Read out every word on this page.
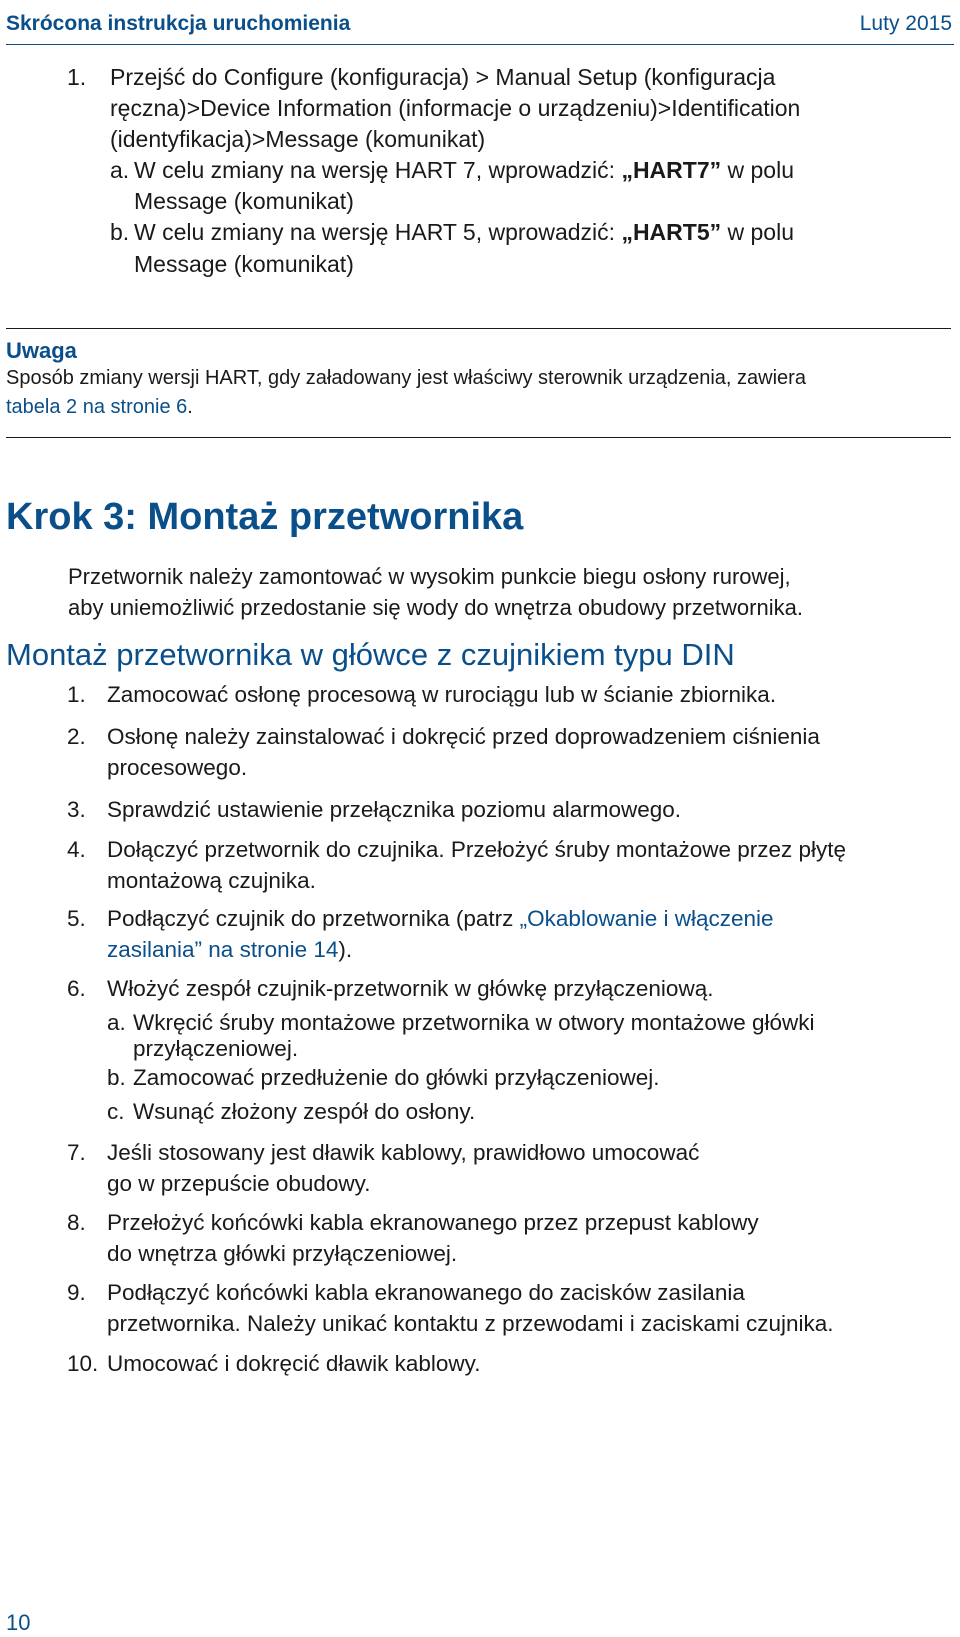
Skrócona instrukcja uruchomienia	Luty 2015
1. Przejść do Configure (konfiguracja) > Manual Setup (konfiguracja
ręczna)>Device Information (informacje o urządzeniu)>Identification
(identyfikacja)>Message (komunikat)
a. W celu zmiany na wersję HART 7, wprowadzić: „HART7” w polu
Message (komunikat)
b. W celu zmiany na wersję HART 5, wprowadzić: „HART5” w polu
Message (komunikat)
Uwaga
Sposób zmiany wersji HART, gdy załadowany jest właściwy sterownik urządzenia, zawiera
tabela 2 na stronie 6.
Krok 3: Montaż przetwornika
Przetwornik należy zamontować w wysokim punkcie biegu osłony rurowej,
aby uniemożliwić przedostanie się wody do wnętrza obudowy przetwornika.
Montaż przetwornika w główce z czujnikiem typu DIN
1. Zamocować osłonę procesową w rurociągu lub w ścianie zbiornika.
2. Osłonę należy zainstalować i dokręcić przed doprowadzeniem ciśnienia
procesowego.
3. Sprawdzić ustawienie przełącznika poziomu alarmowego.
4. Dołączyć przetwornik do czujnika. Przełożyć śruby montażowe przez płytę
montażową czujnika.
5. Podłączyć czujnik do przetwornika (patrz „Okablowanie i włączenie
zasilania” na stronie 14).
6. Włożyć zespół czujnik-przetwornik w główkę przyłączeniową.
a. Wkręcić śruby montażowe przetwornika w otwory montażowe główki
przyłączeniowej.
b. Zamocować przedłużenie do główki przyłączeniowej.
c. Wsunąć złożony zespół do osłony.
7. Jeśli stosowany jest dławik kablowy, prawidłowo umocować
go w przepuście obudowy.
8. Przełożyć końcówki kabla ekranowanego przez przepust kablowy
do wnętrza główki przyłączeniowej.
9. Podłączyć końcówki kabla ekranowanego do zacisków zasilania
przetwornika. Należy unikać kontaktu z przewodami i zaciskami czujnika.
10. Umocować i dokręcić dławik kablowy.
10
